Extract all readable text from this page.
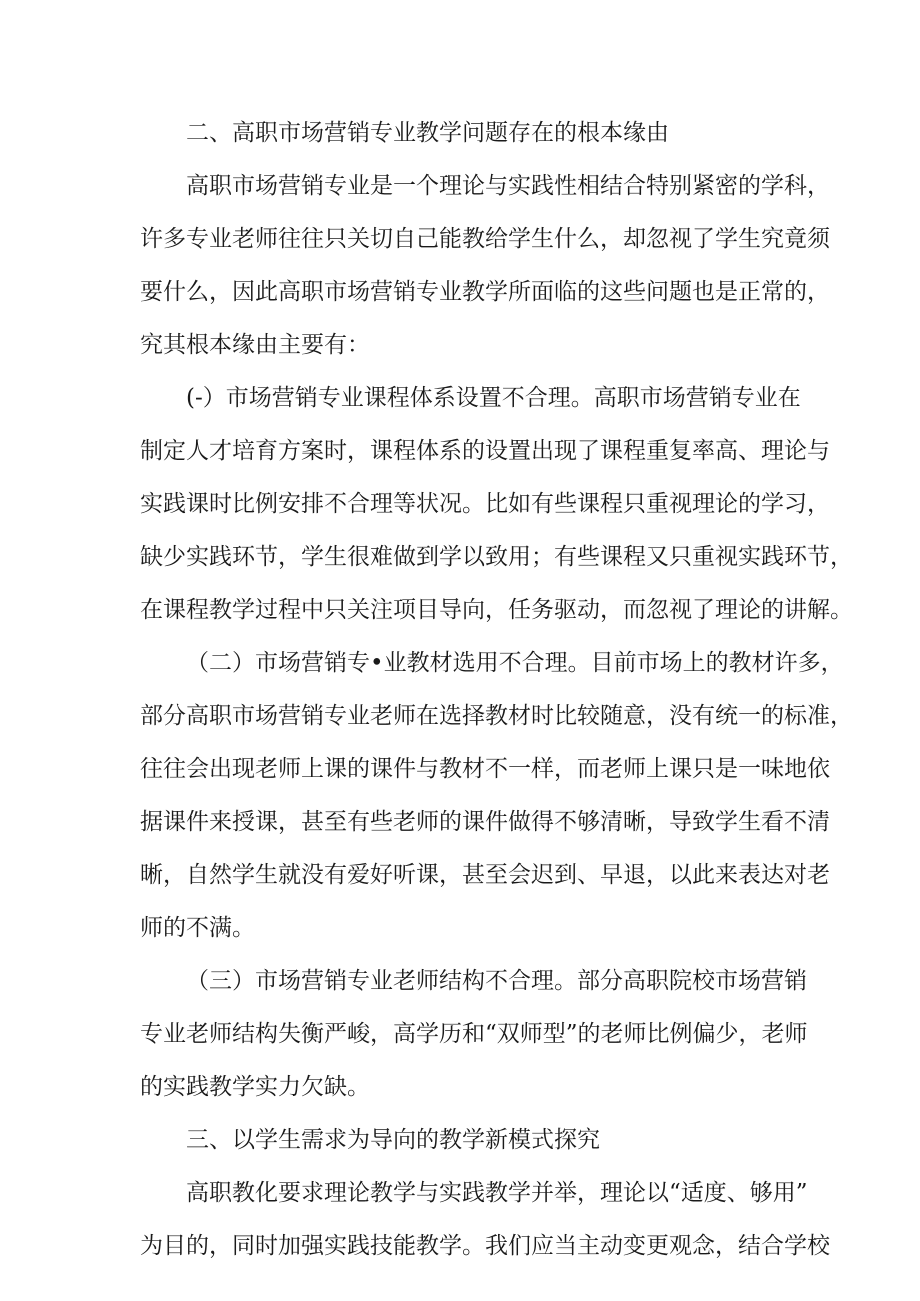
二、高职市场营销专业教学问题存在的根本缘由
高职市场营销专业是一个理论与实践性相结合特别紧密的学科，
许多专业老师往往只关切自己能教给学生什么，却忽视了学生究竟须
要什么，因此高职市场营销专业教学所面临的这些问题也是正常的，
究其根本缘由主要有：
(-）市场营销专业课程体系设置不合理。高职市场营销专业在
制定人才培育方案时，课程体系的设置出现了课程重复率高、理论与
实践课时比例安排不合理等状况。比如有些课程只重视理论的学习，
缺少实践环节，学生很难做到学以致用；有些课程又只重视实践环节，
在课程教学过程中只关注项目导向，任务驱动，而忽视了理论的讲解。
（二）市场营销专•业教材选用不合理。目前市场上的教材许多，
部分高职市场营销专业老师在选择教材时比较随意，没有统一的标准，
往往会出现老师上课的课件与教材不一样，而老师上课只是一味地依
据课件来授课，甚至有些老师的课件做得不够清晰，导致学生看不清
晰，自然学生就没有爱好听课，甚至会迟到、早退，以此来表达对老
师的不满。
（三）市场营销专业老师结构不合理。部分高职院校市场营销
专业老师结构失衡严峻，高学历和“双师型”的老师比例偏少，老师
的实践教学实力欠缺。
三、以学生需求为导向的教学新模式探究
高职教化要求理论教学与实践教学并举，理论以“适度、够用”
为目的，同时加强实践技能教学。我们应当主动变更观念，结合学校
